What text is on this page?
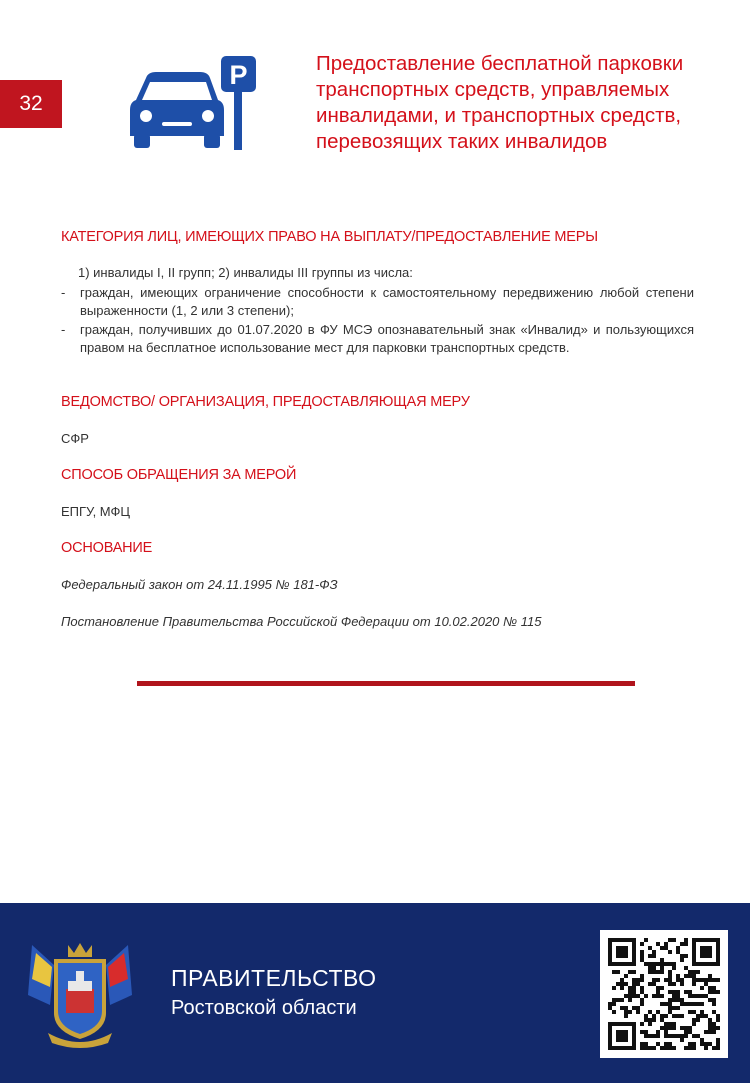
32
P	Предоставление бесплатной парковки транспортных средств, управляемых инвалидами, и транспортных средств, перевозящих таких инвалидов
КАТЕГОРИЯ ЛИЦ, ИМЕЮЩИХ ПРАВО НА ВЫПЛАТУ/ПРЕДОСТАВЛЕНИЕ МЕРЫ
1) инвалиды I, II групп; 2) инвалиды III группы из числа:
- граждан, имеющих ограничение способности к самостоятельному передвижению любой степени выраженности (1, 2 или 3 степени);
- граждан, получивших до 01.07.2020 в ФУ МСЭ опознавательный знак «Инвалид» и пользующихся правом на бесплатное использование мест для парковки транспортных средств.
ВЕДОМСТВО/ ОРГАНИЗАЦИЯ, ПРЕДОСТАВЛЯЮЩАЯ МЕРУ
СФР
СПОСОБ ОБРАЩЕНИЯ ЗА МЕРОЙ
ЕПГУ, МФЦ
ОСНОВАНИЕ
Федеральный закон от 24.11.1995 № 181-ФЗ
Постановление Правительства Российской Федерации от 10.02.2020 № 115
ПРАВИТЕЛЬСТВО
Ростовской области
